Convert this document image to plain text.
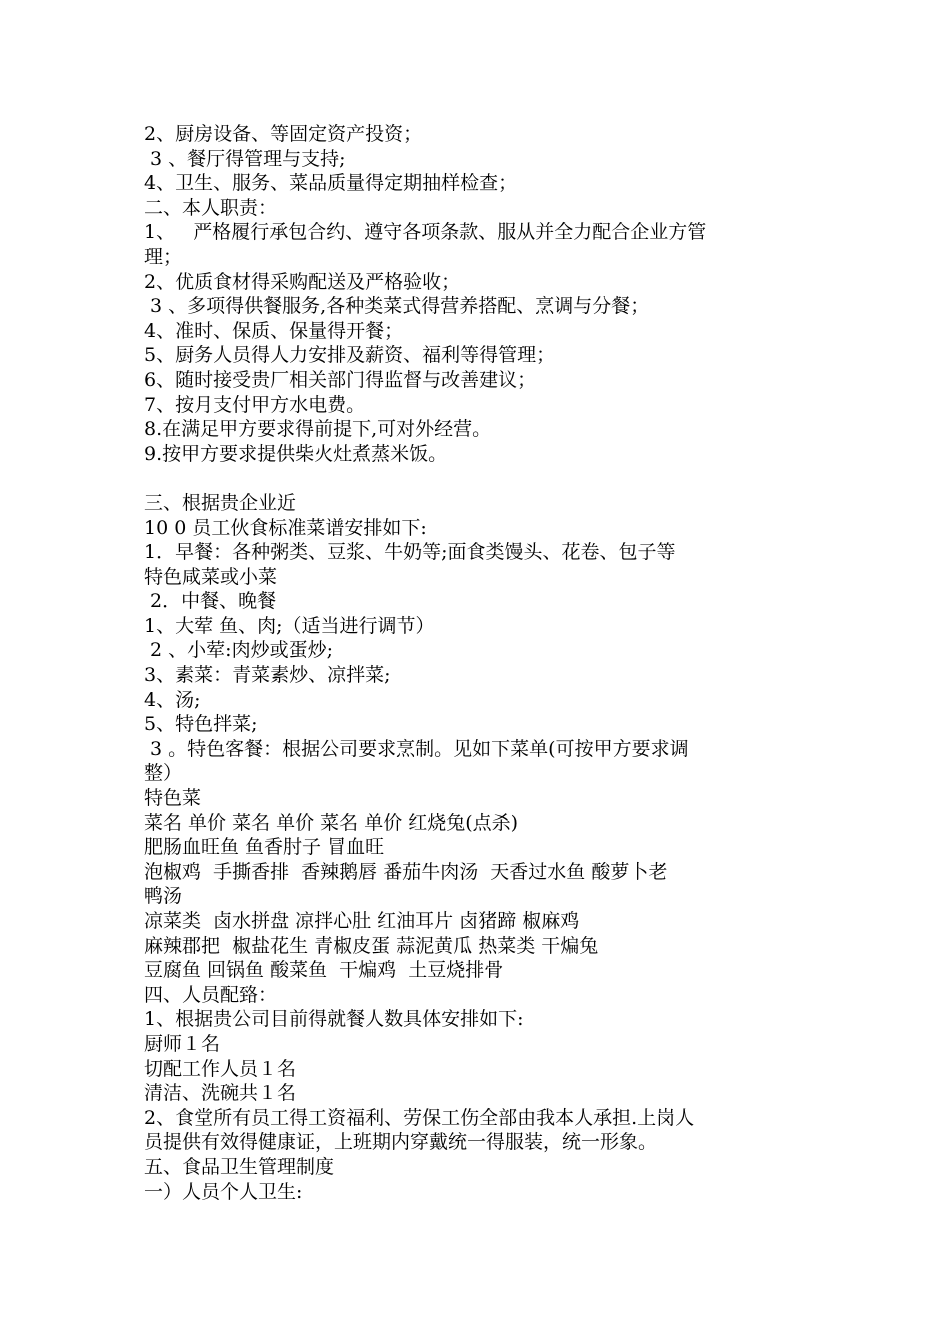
2、厨房设备、等固定资产投资；

3 、餐厅得管理与支持;

4、卫生、服务、菜品质量得定期抽样检查；

二、本人职责：

1、   严格履行承包合约、遵守各项条款、服从并全力配合企业方管

理；

2、优质食材得采购配送及严格验收；

3 、多项得供餐服务,各种类菜式得营养搭配、烹调与分餐；

4、准时、保质、保量得开餐；

5、厨务人员得人力安排及薪资、福利等得管理；

6、随时接受贵厂相关部门得监督与改善建议；

7、按月支付甲方水电费。

8.在满足甲方要求得前提下,可对外经营。

9.按甲方要求提供柴火灶煮蒸米饭。

三、根据贵企业近

10 0 员工伙食标准菜谱安排如下:

1．早餐：各种粥类、豆浆、牛奶等;面食类馒头、花卷、包子等

特色咸菜或小菜

2．中餐、晚餐

1、大荤 鱼、肉;（适当进行调节）

2 、小荤:肉炒或蛋炒;

3、素菜：青菜素炒、凉拌菜;

4、汤;

5、特色拌菜;

3 。特色客餐：根据公司要求烹制。见如下菜单(可按甲方要求调

整）

特色菜

菜名 单价 菜名 单价 菜名 单价 红烧兔(点杀)

肥肠血旺鱼 鱼香肘子 冒血旺

泡椒鸡  手撕香排  香辣鹅唇 番茄牛肉汤  天香过水鱼 酸萝卜老

鸭汤

凉菜类  卤水拼盘 凉拌心肚 红油耳片 卤猪蹄 椒麻鸡

麻辣郡把  椒盐花生 青椒皮蛋 蒜泥黄瓜 热菜类 干煸兔

豆腐鱼 回锅鱼 酸菜鱼  干煸鸡  土豆烧排骨

四、人员配臵：

1、根据贵公司目前得就餐人数具体安排如下:

厨师１名

切配工作人员１名

清洁、洗碗共１名

2、食堂所有员工得工资福利、劳保工伤全部由我本人承担.上岗人

员提供有效得健康证，上班期内穿戴统一得服装，统一形象。

五、食品卫生管理制度

一）人员个人卫生:
